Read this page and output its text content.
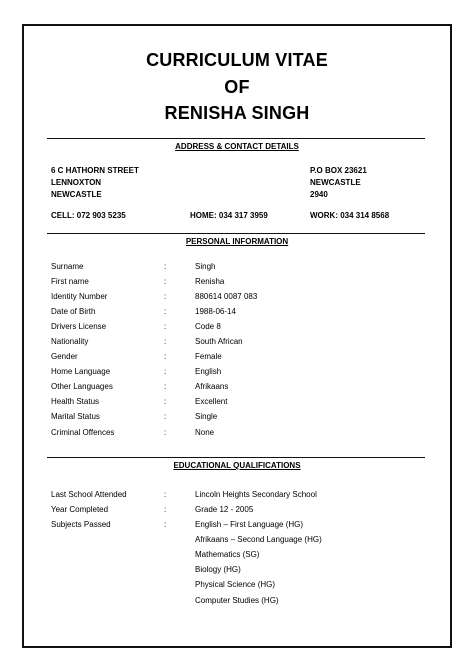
CURRICULUM VITAE
OF
RENISHA SINGH
ADDRESS & CONTACT DETAILS
6 C HATHORN STREET
LENNOXTON
NEWCASTLE
P.O BOX 23621
NEWCASTLE
2940
CELL: 072 903 5235	HOME: 034 317 3959	WORK: 034 314 8568
PERSONAL INFORMATION
Surname	:	Singh
First name	:	Renisha
Identity Number	:	880614 0087 083
Date of Birth	:	1988-06-14
Drivers License	:	Code 8
Nationality	:	South African
Gender	:	Female
Home Language	:	English
Other Languages	:	Afrikaans
Health Status	:	Excellent
Marital Status	:	Single
Criminal Offences	:	None
EDUCATIONAL QUALIFICATIONS
Last School Attended	:	Lincoln Heights Secondary School
Year Completed	:	Grade 12 - 2005
Subjects Passed	:	English – First Language (HG)
Afrikaans – Second Language (HG)
Mathematics (SG)
Biology (HG)
Physical Science (HG)
Computer Studies (HG)
